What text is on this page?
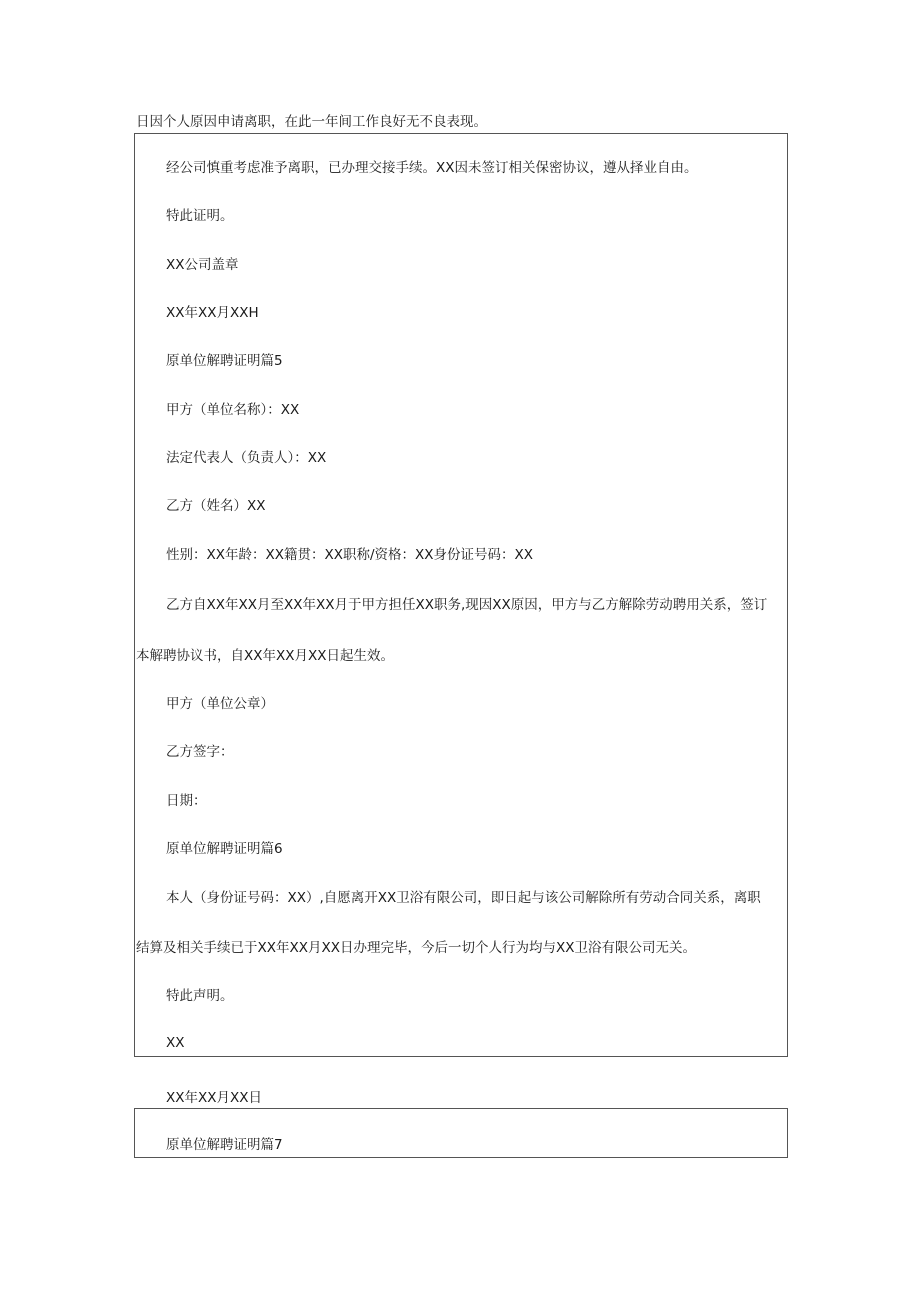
日因个人原因申请离职，在此一年间工作良好无不良表现。
经公司慎重考虑准予离职，已办理交接手续。XX因未签订相关保密协议，遵从择业自由。
特此证明。
XX公司盖章
XX年XX月XXH
原单位解聘证明篇5
甲方（单位名称）：XX
法定代表人（负责人）：XX
乙方（姓名）XX
性别：XX年龄：XX籍贯：XX职称/资格：XX身份证号码：XX
乙方自XX年XX月至XX年XX月于甲方担任XX职务,现因XX原因，甲方与乙方解除劳动聘用关系，签订
本解聘协议书，自XX年XX月XX日起生效。
甲方（单位公章）
乙方签字：
日期：
原单位解聘证明篇6
本人（身份证号码：XX）,自愿离开XX卫浴有限公司，即日起与该公司解除所有劳动合同关系，离职
结算及相关手续已于XX年XX月XX日办理完毕，今后一切个人行为均与XX卫浴有限公司无关。
特此声明。
XX
XX年XX月XX日
原单位解聘证明篇7
